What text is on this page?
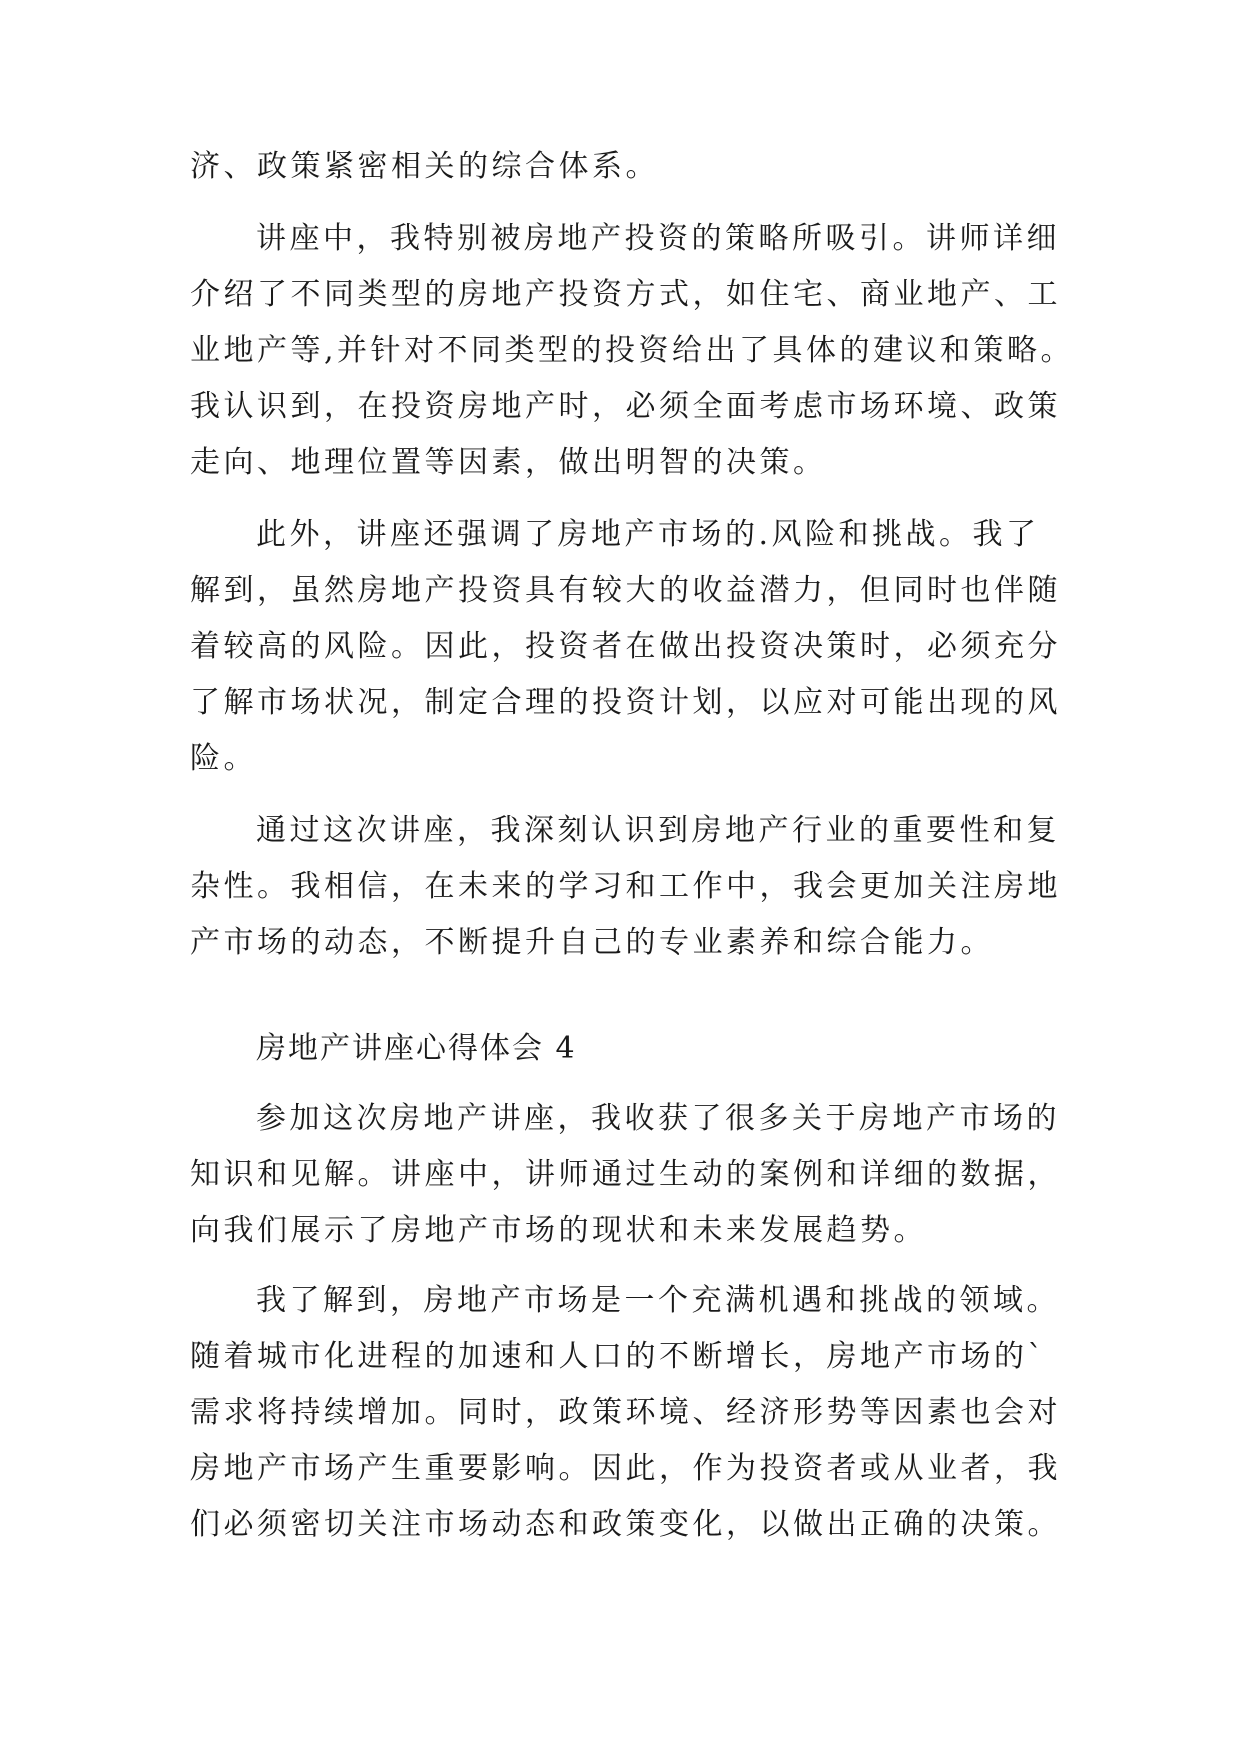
济、政策紧密相关的综合体系。

讲座中，我特别被房地产投资的策略所吸引。讲师详细

介绍了不同类型的房地产投资方式，如住宅、商业地产、工

业地产等,并针对不同类型的投资给出了具体的建议和策略。

我认识到，在投资房地产时，必须全面考虑市场环境、政策

走向、地理位置等因素，做出明智的决策。

此外，讲座还强调了房地产市场的.风险和挑战。我了

解到，虽然房地产投资具有较大的收益潜力，但同时也伴随

着较高的风险。因此，投资者在做出投资决策时，必须充分

了解市场状况，制定合理的投资计划，以应对可能出现的风

险。

通过这次讲座，我深刻认识到房地产行业的重要性和复

杂性。我相信，在未来的学习和工作中，我会更加关注房地

产市场的动态，不断提升自己的专业素养和综合能力。

房地产讲座心得体会 4

参加这次房地产讲座，我收获了很多关于房地产市场的

知识和见解。讲座中，讲师通过生动的案例和详细的数据，

向我们展示了房地产市场的现状和未来发展趋势。

我了解到，房地产市场是一个充满机遇和挑战的领域。

随着城市化进程的加速和人口的不断增长，房地产市场的`

需求将持续增加。同时，政策环境、经济形势等因素也会对

房地产市场产生重要影响。因此，作为投资者或从业者，我

们必须密切关注市场动态和政策变化，以做出正确的决策。
